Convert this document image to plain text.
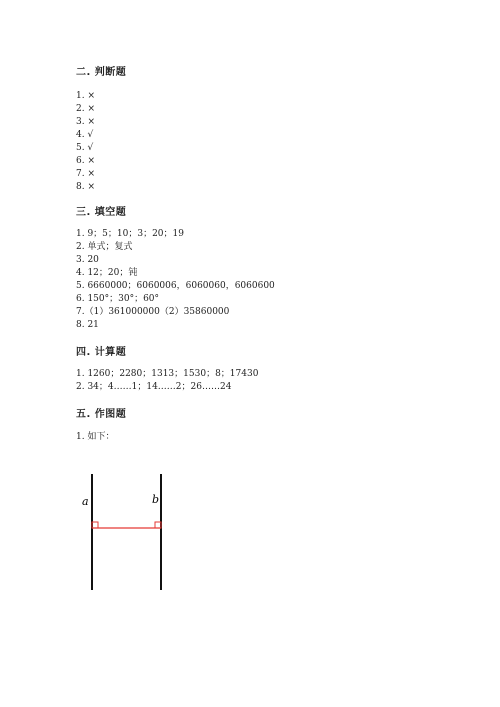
二. 判断题
1. ×
2. ×
3. ×
4. √
5. √
6. ×
7. ×
8. ×
三. 填空题
1. 9；5；10；3；20；19
2. 单式；复式
3. 20
4. 12；20；钝
5. 6660000；6060006，6060060，6060600
6. 150°；30°；60°
7.（1）361000000（2）35860000
8. 21
四. 计算题
1. 1260；2280；1313；1530；8；17430
2. 34；4……1；14……2；26……24
五. 作图题
1. 如下：
a	b
